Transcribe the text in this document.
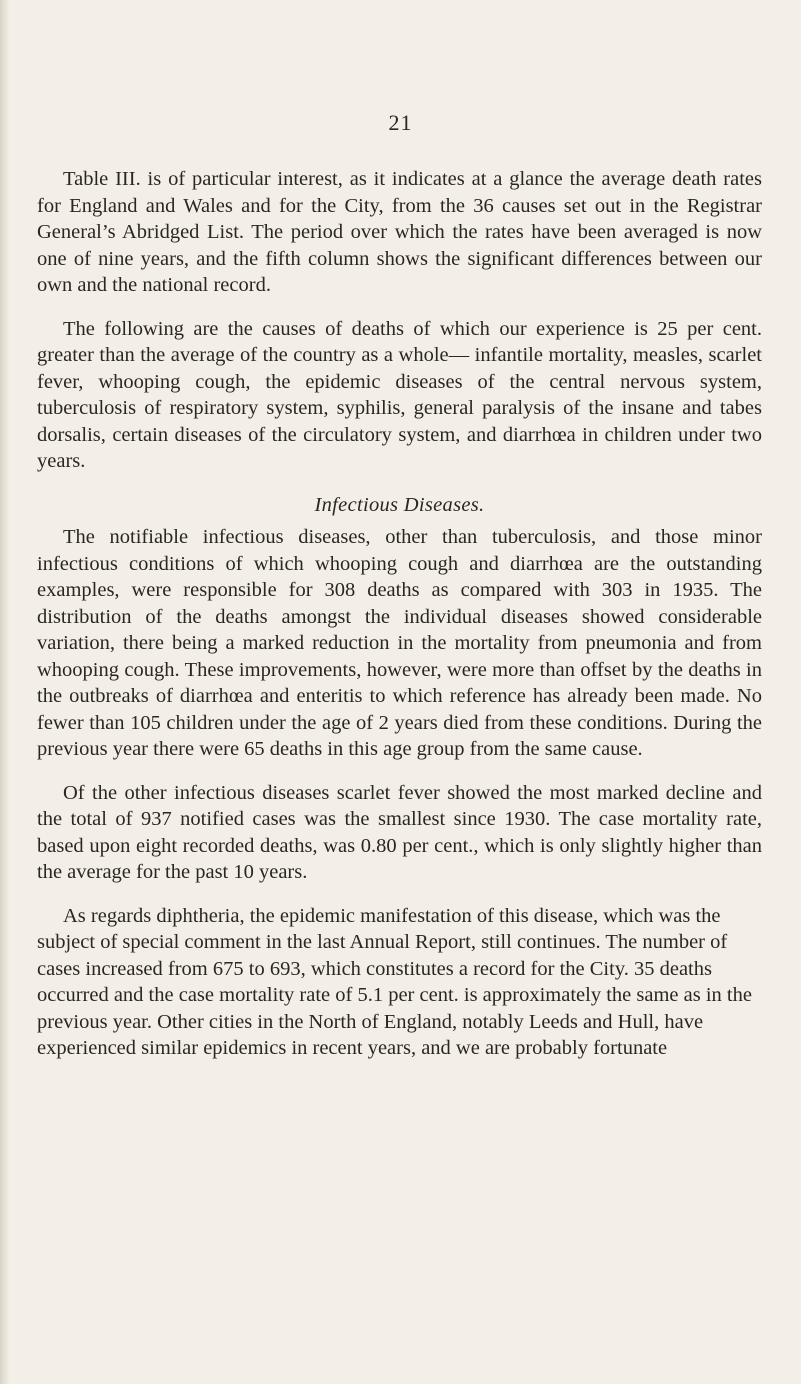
21

Table III. is of particular interest, as it indicates at a glance the average death rates for England and Wales and for the City, from the 36 causes set out in the Registrar General’s Abridged List. The period over which the rates have been averaged is now one of nine years, and the fifth column shows the significant differences between our own and the national record.

The following are the causes of deaths of which our experience is 25 per cent. greater than the average of the country as a whole— infantile mortality, measles, scarlet fever, whooping cough, the epidemic diseases of the central nervous system, tuberculosis of respiratory system, syphilis, general paralysis of the insane and tabes dorsalis, certain diseases of the circulatory system, and diarrhœa in children under two years.

Infectious Diseases.

The notifiable infectious diseases, other than tuberculosis, and those minor infectious conditions of which whooping cough and diarrhœa are the outstanding examples, were responsible for 308 deaths as compared with 303 in 1935. The distribution of the deaths amongst the individual diseases showed considerable variation, there being a marked reduction in the mortality from pneumonia and from whooping cough. These improvements, however, were more than offset by the deaths in the outbreaks of diarrhœa and enteritis to which reference has already been made. No fewer than 105 children under the age of 2 years died from these conditions. During the previous year there were 65 deaths in this age group from the same cause.

Of the other infectious diseases scarlet fever showed the most marked decline and the total of 937 notified cases was the smallest since 1930. The case mortality rate, based upon eight recorded deaths, was 0.80 per cent., which is only slightly higher than the average for the past 10 years.

As regards diphtheria, the epidemic manifestation of this disease, which was the subject of special comment in the last Annual Report, still continues. The number of cases increased from 675 to 693, which constitutes a record for the City. 35 deaths occurred and the case mortality rate of 5.1 per cent. is approximately the same as in the previous year. Other cities in the North of England, notably Leeds and Hull, have experienced similar epidemics in recent years, and we are probably fortunate
